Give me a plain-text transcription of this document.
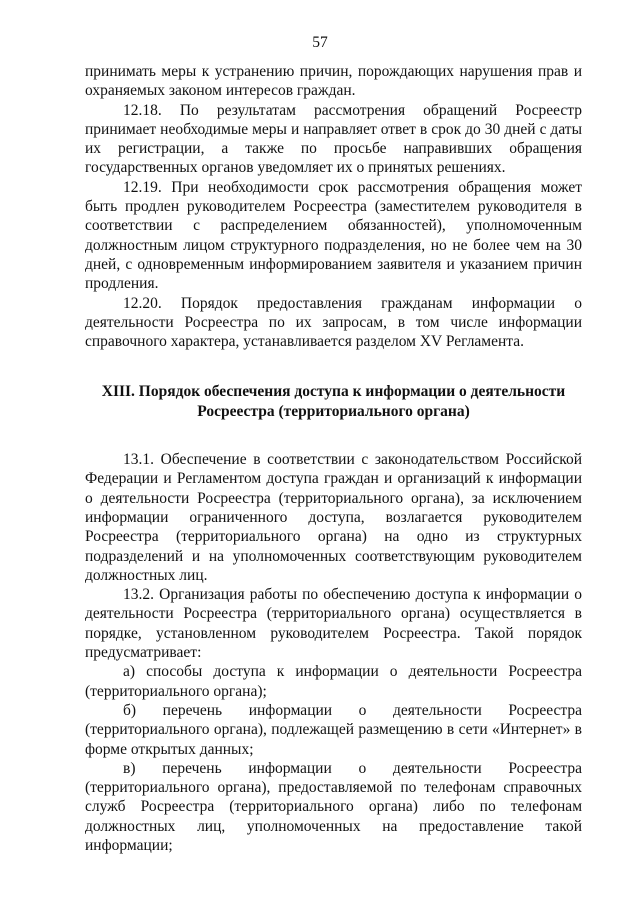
57

принимать меры к устранению причин, порождающих нарушения прав и охраняемых законом интересов граждан.

12.18. По результатам рассмотрения обращений Росреестр принимает необходимые меры и направляет ответ в срок до 30 дней с даты их регистрации, а также по просьбе направивших обращения государственных органов уведомляет их о принятых решениях.

12.19. При необходимости срок рассмотрения обращения может быть продлен руководителем Росреестра (заместителем руководителя в соответствии с распределением обязанностей), уполномоченным должностным лицом структурного подразделения, но не более чем на 30 дней, с одновременным информированием заявителя и указанием причин продления.

12.20. Порядок предоставления гражданам информации о деятельности Росреестра по их запросам, в том числе информации справочного характера, устанавливается разделом XV Регламента.

XIII. Порядок обеспечения доступа к информации о деятельности
Росреестра (территориального органа)

13.1. Обеспечение в соответствии с законодательством Российской Федерации и Регламентом доступа граждан и организаций к информации о деятельности Росреестра (территориального органа), за исключением информации ограниченного доступа, возлагается руководителем Росреестра (территориального органа) на одно из структурных подразделений и на уполномоченных соответствующим руководителем должностных лиц.

13.2. Организация работы по обеспечению доступа к информации о деятельности Росреестра (территориального органа) осуществляется в порядке, установленном руководителем Росреестра. Такой порядок предусматривает:

а) способы доступа к информации о деятельности Росреестра (территориального органа);

б) перечень информации о деятельности Росреестра (территориального органа), подлежащей размещению в сети «Интернет» в форме открытых данных;

в) перечень информации о деятельности Росреестра (территориального органа), предоставляемой по телефонам справочных служб Росреестра (территориального органа) либо по телефонам должностных лиц, уполномоченных на предоставление такой информации;
